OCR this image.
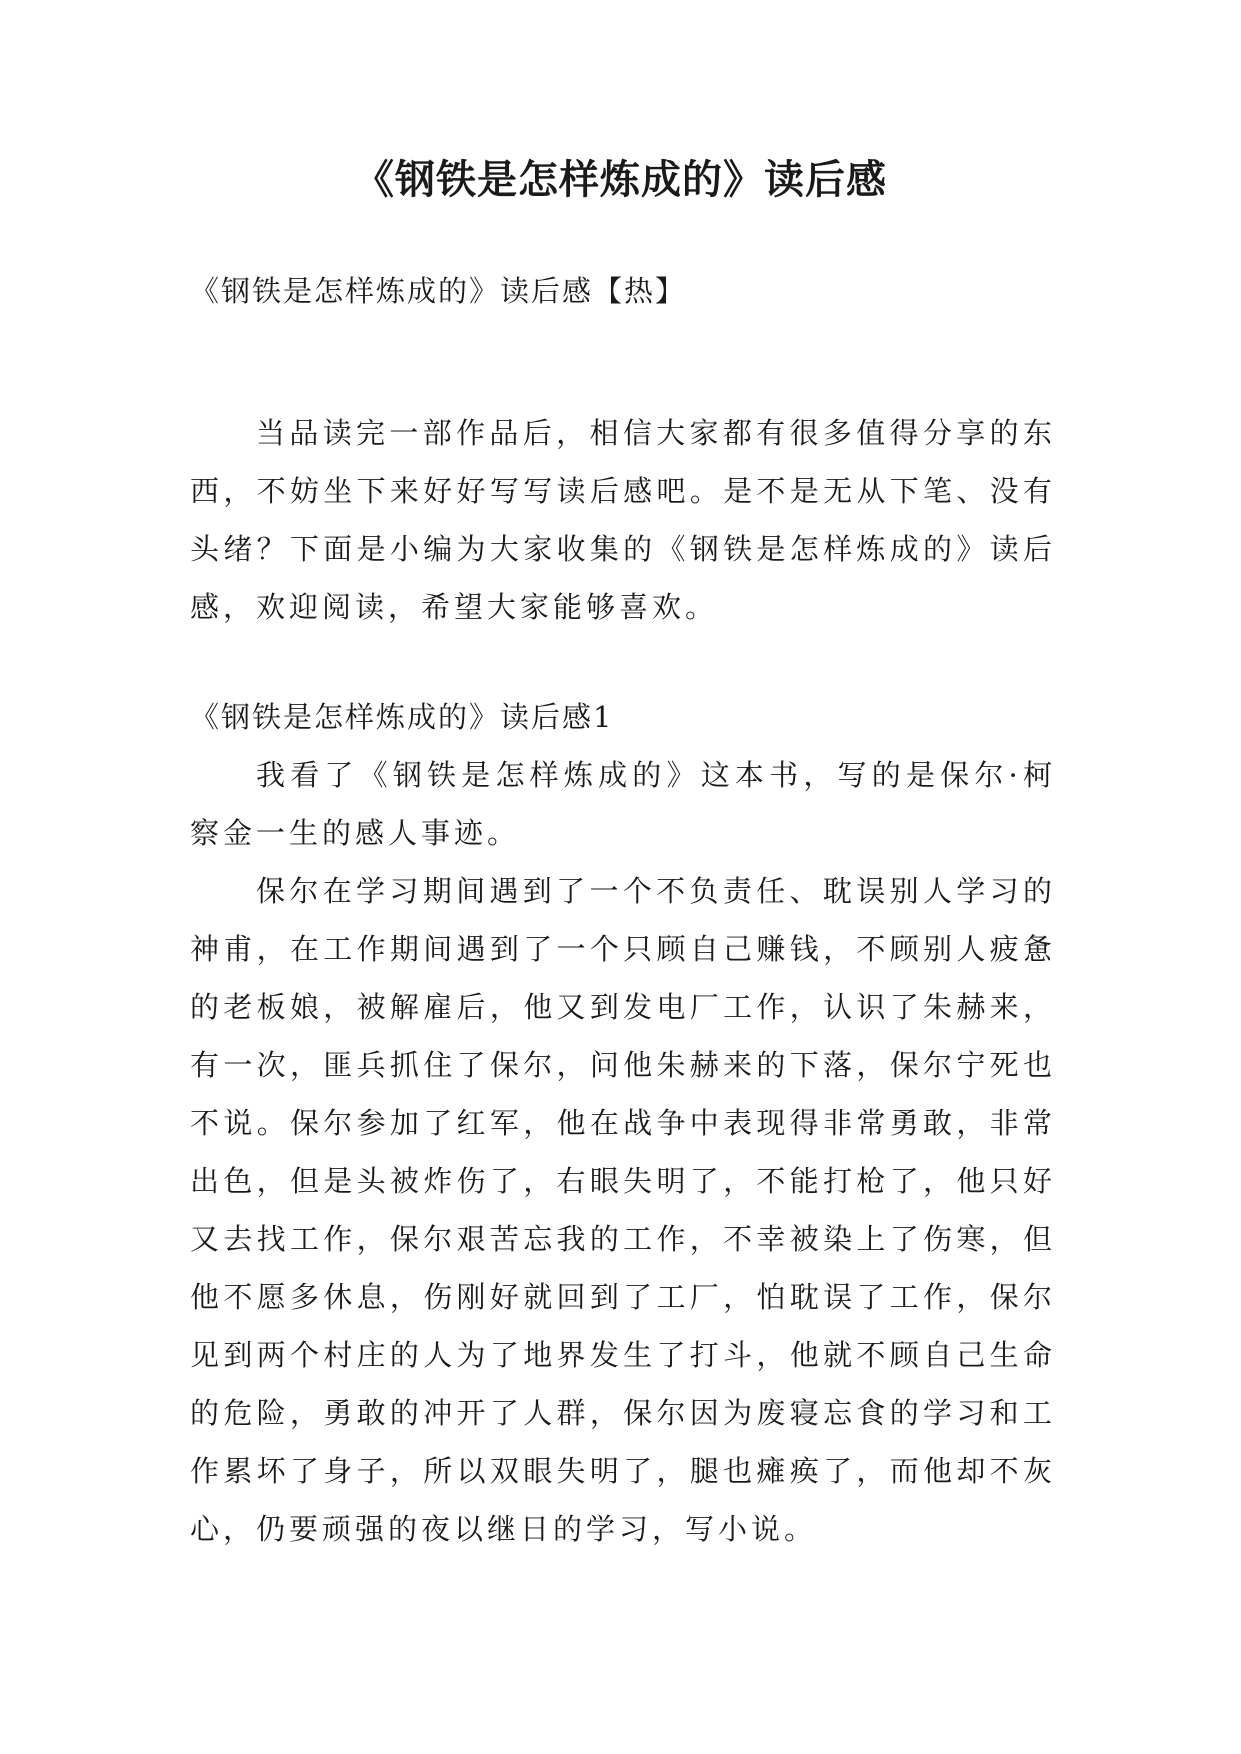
《钢铁是怎样炼成的》读后感

《钢铁是怎样炼成的》读后感【热】

当品读完一部作品后，相信大家都有很多值得分享的东西，不妨坐下来好好写写读后感吧。是不是无从下笔、没有头绪？下面是小编为大家收集的《钢铁是怎样炼成的》读后感，欢迎阅读，希望大家能够喜欢。

《钢铁是怎样炼成的》读后感1

我看了《钢铁是怎样炼成的》这本书，写的是保尔·柯察金一生的感人事迹。

保尔在学习期间遇到了一个不负责任、耽误别人学习的神甫，在工作期间遇到了一个只顾自己赚钱，不顾别人疲惫的老板娘，被解雇后，他又到发电厂工作，认识了朱赫来，有一次，匪兵抓住了保尔，问他朱赫来的下落，保尔宁死也不说。保尔参加了红军，他在战争中表现得非常勇敢，非常出色，但是头被炸伤了，右眼失明了，不能打枪了，他只好又去找工作，保尔艰苦忘我的工作，不幸被染上了伤寒，但他不愿多休息，伤刚好就回到了工厂，怕耽误了工作，保尔见到两个村庄的人为了地界发生了打斗，他就不顾自己生命的危险，勇敢的冲开了人群，保尔因为废寝忘食的学习和工作累坏了身子，所以双眼失明了，腿也瘫痪了，而他却不灰心，仍要顽强的夜以继日的学习，写小说。
